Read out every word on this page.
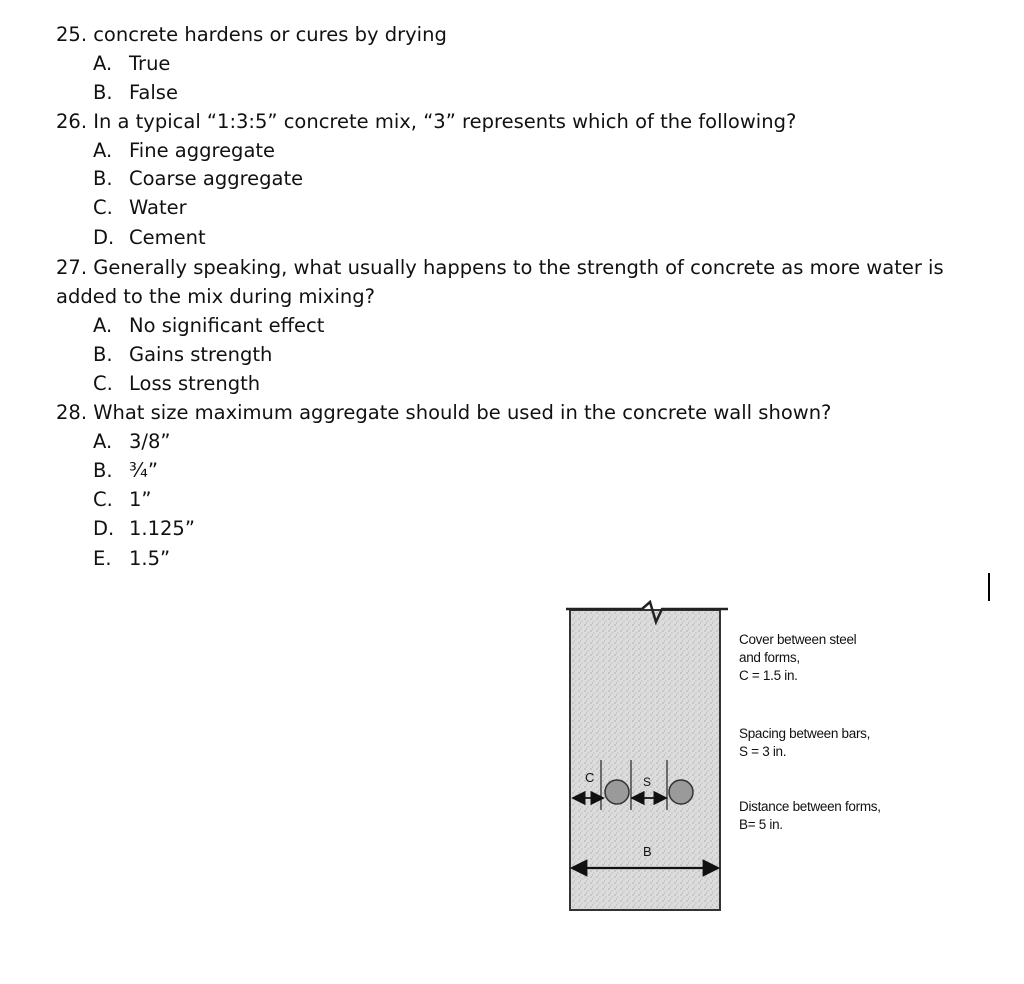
25. concrete hardens or cures by drying
A. True
B. False
26. In a typical “1:3:5” concrete mix, “3” represents which of the following?
A. Fine aggregate
B. Coarse aggregate
C. Water
D. Cement
27. Generally speaking, what usually happens to the strength of concrete as more water is added to the mix during mixing?
A. No significant effect
B. Gains strength
C. Loss strength
28. What size maximum aggregate should be used in the concrete wall shown?
A. 3/8”
B. ¾”
C. 1”
D. 1.125”
E. 1.5”
C	S
B
Cover between steel
and forms,
C = 1.5 in.
Spacing between bars,
S = 3 in.
Distance between forms,
B= 5 in.
